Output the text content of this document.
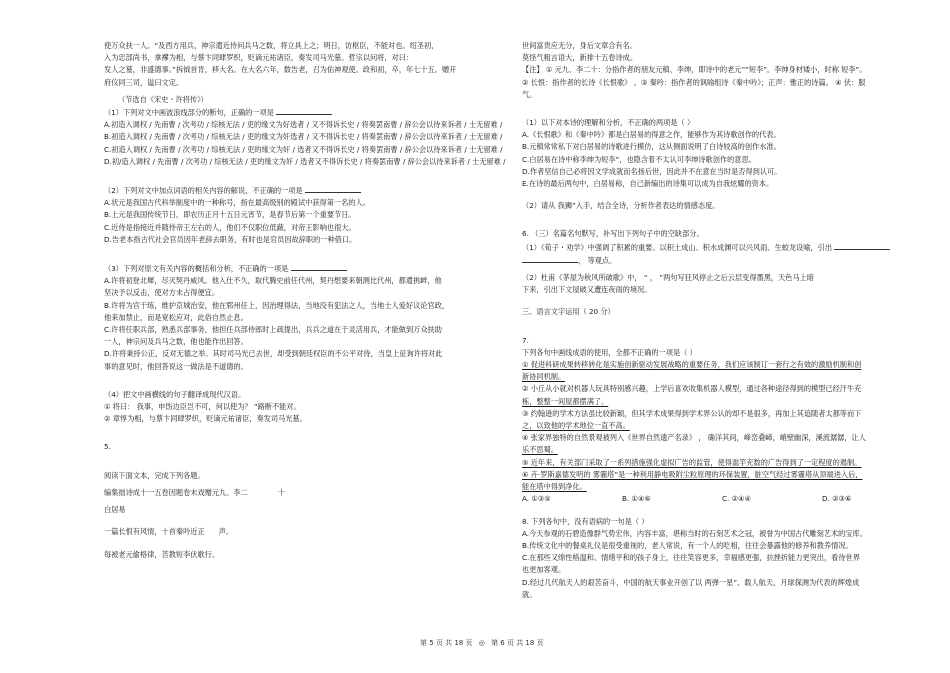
使万众扶一人。“及西方用兵，神宗遣近侍问兵马之数，将立具上之；明日，访枢臣，不能对也。绍圣初，
入为忠部尚书，拿襻为相，与蔡卞同肆罗织，贬谪元祐诸臣，奏发司马光墓。哲宗以问将，对曰：
发人之墓，非盛德事。”拆钺首肯，移大名。在大名六年，数告老，召为佑神观使。政和初，卒，年七十五。赠开
府仪同三司，谥曰文定。
（节选自《宋史・许将传》）
（1）下列对文中画波浪线部分的断句，正确的一项是
A.初造入调权 / 先南曹 / 次考功 / 综核无法 / 吏的缘文为好选者 / 又不得诉长史 / 将奏罢南曹 / 辞公会以待来诉者 / 士无留难 /
B.初造入调权 / 先南曹 / 次考功 / 综核无法 / 吏的缘文为奸选者 / 又不得诉长史 / 将奏罢南曹 / 辞公会以待来诉者 / 士无留难 /
C.初造入调权 / 先南曹 / 次考功 / 综核无法 / 吏的缘文为奸 / 选者又不得诉长史 / 将奏罢南曹 / 辞公会以待来诉者 / 士无留难 /
D.初/造入调权 / 先南曹 / 次考功 / 综核无法 / 吏的缘文为奸 / 选者又不得诉长史 / 将奏罢南曹 / 辞公会以待来诉者 / 士无留难 /
（2）下列对文中加点词语的相关内容的解说，不正确的一项是
A.状元是我国古代科举制度中的一种称号，指在最高级别的殿试中获得第一名的人。
B.上元是我国传统节日，即农历正月十五日元宵节，是春节后第一个重要节日。
C.近侍是指接近并随侍帝王左右的人，他们不仅职位低蔽，对帝王影响也很大。
D.告老本指古代社会官员因年老辞去职务，有时也是官员因故辞职的一种借口。
（3）下列对原文有关内容的概括和分析，不正确的一项是
A.许将初登北墀，尽灭契丹威风。他入仕不久，取代腾史前任代州，契丹想要来朝测比代州，都遣挑衅，他
坚决予以反击，使对方未占得便宜。
B.许将为官干练，维护京城治安，他在郓州任上，因治理得法，当地没有犯法之人，当地士人爱好议论官政，
他来加禁止，而是宽松应对，此俗自然止息。
C.许将任职兵部，熟悉兵部事务，他担任兵部侍郎时上疏提出，兵兵之道在于灵活用兵，才能做到万众扶助
一人，神宗问及兵马之数，他也能作出回答。
D.许将秉持公正，反对无德之举。其时司马光已去世，却受到朝廷权臣的不公平对待，当皇上征询许将对此
事的意见时，他回答说这一做法是不道德的。
（4）把文中画横线的句子翻译成现代汉语。
① 将曰： 我事，申饬边臣岂不可，何以使为？ ”路断不能对。
② 章惇为相，与蔡卞同肆罗织，贬谪元祐诸臣，奏发司马光墓。
5.
阅读下面文本，完成下列各题。
编集拙诗成十一五卷因题卷末戏赠元九、李二	十
白居易
一篇长恨有风情，十首秦吟近正 声。
每被老元偷格律，苦教短李伏歌行。
世间富贵应无分，身后文章合有名。
莫怪气粗言语大，新排十五卷诗成。
【注】 ① 元九、李二十：分指作者的朋友元稹、李绅，即诗中的老元”“短李”。李绅身材矮小，时称 短李”。
② 长恨：指作者的长诗《长恨歌》 。③ 秦吟：指作者的讽喻组诗《秦中吟》；正声：雅正的诗篇。 ④ 伏：服
气。
（1）以下对本诗的理解和分析，不正确的两项是（ ）
A.《长恨歌》和《秦中吟》都是白居易的得意之作，能够作为其诗歌创作的代表。
B.元稹常常私下对白居易的诗歌进行模仿，这从侧面说明了白诗较高的创作水准。
C.白居易在诗中称李绅为短李”，也隐含着不太认可李绅诗歌创作的意思。
D.作者坚信自己必将因文学成就而名扬后世，因此并不在意在当时是否得到认可。
E.在诗的最后两句中，白居易称，自己新编出的诗集可以成为自我炫耀的资本。
（2）请从 我狮”入手，结合全诗，分析作者表达的情感态度。
6. （三）名篇名句默写，补写出下列句子中的空缺部分。
（1）《荀子・劝学》中强调了积累的重要。以积土成山、积水成渊可以兴风雨、生蛟龙设喻，引出
， 等观点。
（2）杜甫《茅屋为秋风所破歌》中， “ ， ”两句写狂风停止之后云层变得墨黑，天色马上暗
下来，引出下文屋破又遭连夜雨的境况。
三、语言文字运用（ 20 分）
7.
下列各句中画线成语的使用，全都不正确的一项是（ ）
① 促进科研成果转移转化是实施创新驱动发展战略的重要任务，我们应该制订一套行之有效的激励机制和创
新协同机制。
② 小丘从小就对机器人玩具特别感兴趣，上学后喜欢收集机器人模型，通过各种途径得到的模型已经汗牛充
栋，整整一间屋都摆满了。
③ 约翰逊的学术方法虽比较新颖，但其学术成果得到学术界公认的却不是很多，再加上其追随者太都等而下
之，以致他的学术地位一直不高。
④ 张家界独特的自然景观被列入《世界自然遗产名录》 ， 确洋其间，峰峦叠嶂，峭壁幽深，溪流潺潺，让人
乐不思蜀。
⑤ 近年来，有关部门采取了一系列措施强化虚拟广告的监管，使得滥竽充数的广告得到了一定程度的遏制。
⑥ 卉·罗斯嘉德发明的 雾霾塔”是一种利用静电吸附尘粒原理的环保装置，脏空气经过雾霾塔从顶端进入后，
能在塔中得到净化。
A. ①③⑤	B. ①④⑥	C. ②④④	D. ②③⑥
8. 下列各句中，没有语病的一句是（ ）
A.今天参观的石碧造像群气势宏伟，内容丰富，堪称当时的石刻艺术之冠，被誉为中国古代雕刻艺术的宝库。
B.传统文化中的餐桌礼仪是很受重视的，老人常说，有一个人的吃相，往往会暴露他的修养和教养情况。
C.在那些又绵性格温和、情绪平和的孩子身上，往往笑容更多，幸福感更强，抗挫折能力更突出，看待世界
也更加客观。
D.经过几代航天人的艰苦奋斗，中国的航天事业开创了以 两弹一星”、载人航天、月球探测为代表的辉煌成
就。
第 5 页 共 18 页 ◎ 第 6 页 共 18 页
